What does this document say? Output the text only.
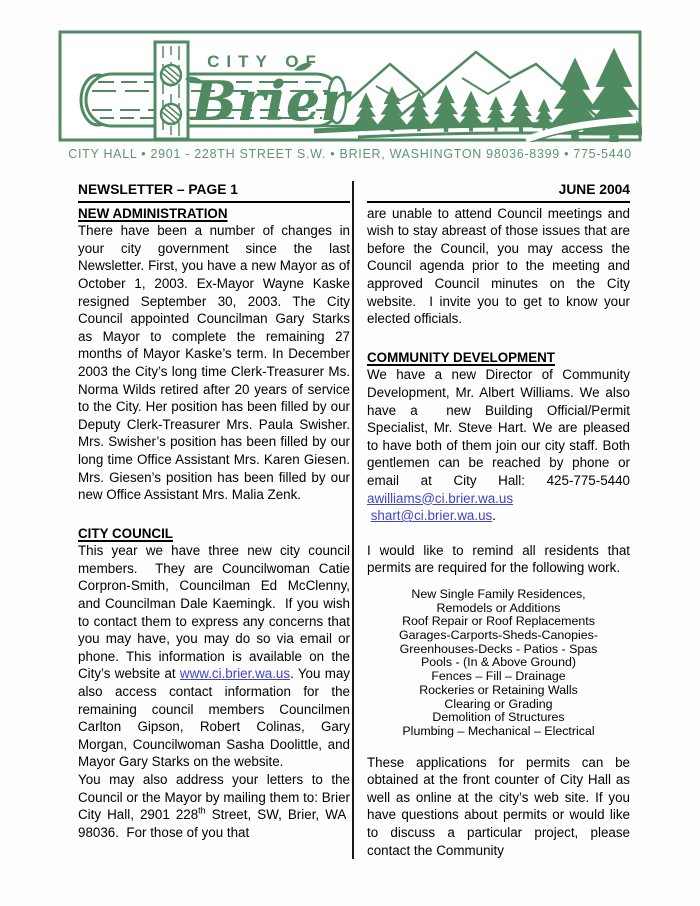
CITY OF
Brier
CITY HALL • 2901 - 228TH STREET S.W. • BRIER, WASHINGTON 98036-8399 • 775-5440
NEWSLETTER – PAGE 1
NEW ADMINISTRATION

There have been a number of changes in your city government since the last Newsletter. First, you have a new Mayor as of October 1, 2003. Ex-Mayor Wayne Kaske resigned September 30, 2003. The City Council appointed Councilman Gary Starks as Mayor to complete the remaining 27 months of Mayor Kaske’s term. In December 2003 the City’s long time Clerk-Treasurer Ms. Norma Wilds retired after 20 years of service to the City. Her position has been filled by our Deputy Clerk-Treasurer Mrs. Paula Swisher. Mrs. Swisher’s position has been filled by our long time Office Assistant Mrs. Karen Giesen. Mrs. Giesen’s position has been filled by our new Office Assistant Mrs. Malia Zenk.

CITY COUNCIL

This year we have three new city council members.  They are Councilwoman Catie Corpron-Smith, Councilman Ed McClenny, and Councilman Dale Kaemingk.  If you wish to contact them to express any concerns that you may have, you may do so via email or phone. This information is available on the City’s website at www.ci.brier.wa.us. You may also access contact information for the remaining council members Councilmen Carlton Gipson, Robert Colinas, Gary Morgan, Councilwoman Sasha Doolittle, and Mayor Gary Starks on the website.

You may also address your letters to the Council or the Mayor by mailing them to: Brier City Hall, 2901 228th Street, SW, Brier, WA  98036.  For those of you that

JUNE 2004

are unable to attend Council meetings and wish to stay abreast of those issues that are before the Council, you may access the Council agenda prior to the meeting and approved Council minutes on the City website.  I invite you to get to know your elected officials.

COMMUNITY DEVELOPMENT

We have a new Director of Community Development, Mr. Albert Williams. We also have a  new Building Official/Permit Specialist, Mr. Steve Hart. We are pleased to have both of them join our city staff. Both gentlemen can be reached by phone or email at City Hall: 425-775-5440 awilliams@ci.brier.wa.us shart@ci.brier.wa.us.

I would like to remind all residents that permits are required for the following work.

New Single Family Residences,
Remodels or Additions
Roof Repair or Roof Replacements
Garages-Carports-Sheds-Canopies-
Greenhouses-Decks - Patios - Spas
Pools - (In & Above Ground)
Fences – Fill – Drainage
Rockeries or Retaining Walls
Clearing or Grading
Demolition of Structures
Plumbing – Mechanical – Electrical

These applications for permits can be obtained at the front counter of City Hall as well as online at the city’s web site. If you have questions about permits or would like to discuss a particular project, please contact the Community
